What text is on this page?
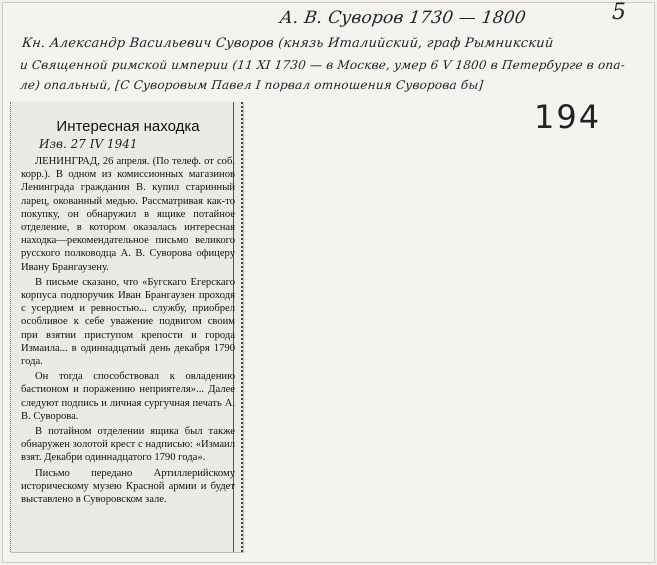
А. В. Суворов 1730 — 1800	5
Кн. Александр Васильевич Суворов (князь Италийский, граф Рымникский
и Священной римской империи (11 XI 1730 — в Москве, умер 6 V 1800 в Петербурге в опа-
ле) опальный, [С Суворовым Павел I порвал отношения Суворова бы]
194
Интересная находка
Изв. 27 IV 1941

ЛЕНИНГРАД, 26 апреля. (По телеф. от соб. корр.). В одном из комиссионных магазинов Ленинграда гражданин В. купил старинный ларец, окованный медью. Рассматривая как-то покупку, он обнаружил в ящике потайное отделение, в котором оказалась интересная находка—рекомендательное письмо великого русского полководца А. В. Суворова офицеру Ивану Брангаузену.

В письме сказано, что «Бугскаго Егерскаго корпуса подпоручик Иван Брангаузен проходя с усердием и ревностью... службу, приобрел особливое к себе уважение подвигом своим при взятии приступом крепости и города Измаила... в одиннадцатый день декабря 1790 года.

Он тогда способствовал к овладению бастионом и поражению неприятеля»... Далее следуют подпись и личная сургучная печать А. В. Суворова.

В потайном отделении ящика был также обнаружен золотой крест с надписью: «Измаил взят. Декабри одиннадцатого 1790 года».

Письмо передано Артиллерийскому историческому музею Красной армии и будет выставлено в Суворовском зале.
